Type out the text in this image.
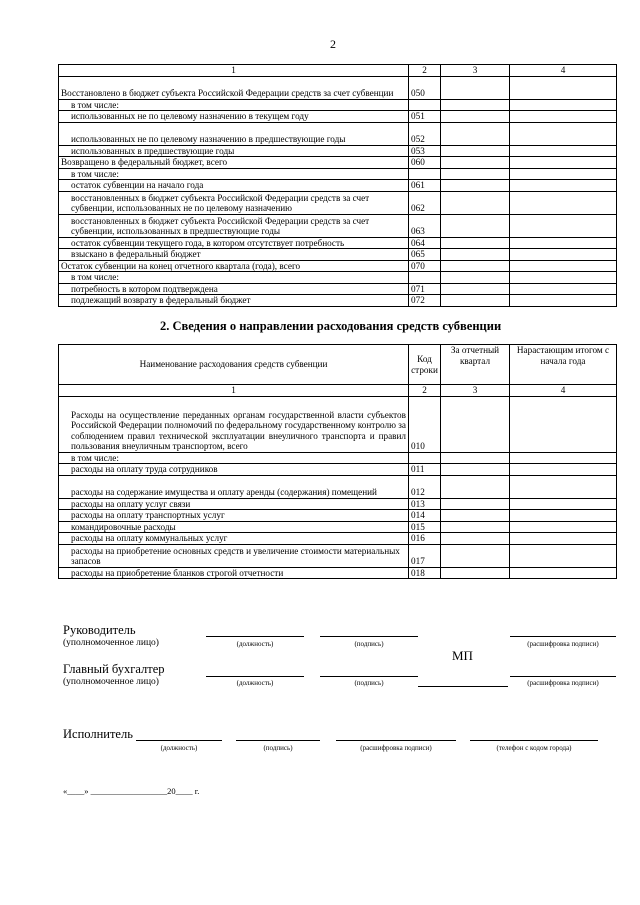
2
1	2	3	4
Восстановлено в бюджет субъекта Российской Федерации средств за счет субвенции	050		
в том числе:			
использованных не по целевому назначению в текущем году	051		
использованных не по целевому назначению в предшествующие годы	052		
использованных в предшествующие годы	053		
Возвращено в федеральный бюджет, всего	060		
в том числе:			
остаток субвенции на начало года	061		
восстановленных в бюджет субъекта Российской Федерации средств за счет субвенции, использованных не по целевому назначению	062		
восстановленных в бюджет субъекта Российской Федерации средств за счет субвенции, использованных в предшествующие годы	063		
остаток субвенции текущего года, в котором отсутствует потребность	064		
взыскано в федеральный бюджет	065		
Остаток субвенции на конец отчетного квартала (года), всего	070		
в том числе:			
потребность в котором подтверждена	071		
подлежащий возврату в федеральный бюджет	072		
2. Сведения о направлении расходования средств субвенции
Наименование расходования средств субвенции	Код строки	За отчетный квартал	Нарастающим итогом с начала года
1	2	3	4
Расходы на осуществление переданных органам государственной власти субъектов Российской Федерации полномочий по федеральному государственному контролю за соблюдением правил технической эксплуатации внеуличного транспорта и правил пользования внеуличным транспортом, всего	010		
в том числе:			
расходы на оплату труда сотрудников	011		
расходы на содержание имущества и оплату аренды (содержания) помещений	012		
расходы на оплату услуг связи	013		
расходы на оплату транспортных услуг	014		
командировочные расходы	015		
расходы на оплату коммунальных услуг	016		
расходы на приобретение основных средств и увеличение стоимости материальных запасов	017		
расходы на приобретение бланков строгой отчетности	018		
Руководитель
(уполномоченное лицо)	(должность)	(подпись)	(расшифровка подписи)
МП
Главный бухгалтер
(уполномоченное лицо)	(должность)	(подпись)	(расшифровка подписи)
Исполнитель
(должность)	(подпись)	(расшифровка подписи)	(телефон с кодом города)
«____» __________________20____ г.
